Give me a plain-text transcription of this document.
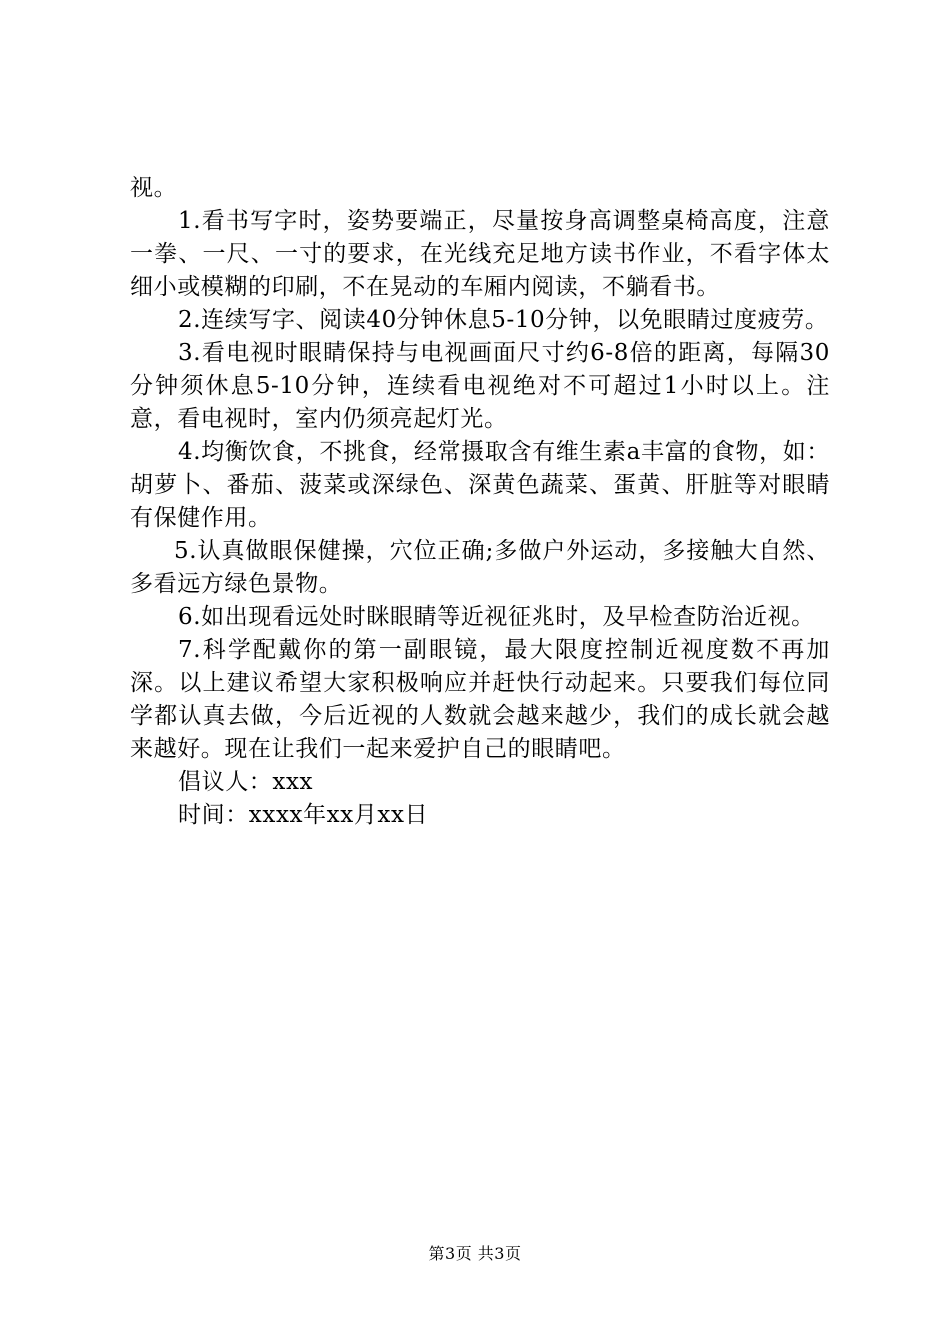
视。

1.看书写字时，姿势要端正，尽量按身高调整桌椅高度，注意一拳、一尺、一寸的要求，在光线充足地方读书作业，不看字体太细小或模糊的印刷，不在晃动的车厢内阅读，不躺看书。

2.连续写字、阅读40分钟休息5-10分钟，以免眼睛过度疲劳。

3.看电视时眼睛保持与电视画面尺寸约6-8倍的距离，每隔30分钟须休息5-10分钟，连续看电视绝对不可超过1小时以上。注意，看电视时，室内仍须亮起灯光。

4.均衡饮食，不挑食，经常摄取含有维生素a丰富的食物，如：胡萝卜、番茄、菠菜或深绿色、深黄色蔬菜、蛋黄、肝脏等对眼睛有保健作用。

5.认真做眼保健操，穴位正确;多做户外运动，多接触大自然、多看远方绿色景物。

6.如出现看远处时眯眼睛等近视征兆时，及早检查防治近视。

7.科学配戴你的第一副眼镜，最大限度控制近视度数不再加深。以上建议希望大家积极响应并赶快行动起来。只要我们每位同学都认真去做，今后近视的人数就会越来越少，我们的成长就会越来越好。现在让我们一起来爱护自己的眼睛吧。

倡议人：xxx

时间：xxxx年xx月xx日

第3页 共3页
